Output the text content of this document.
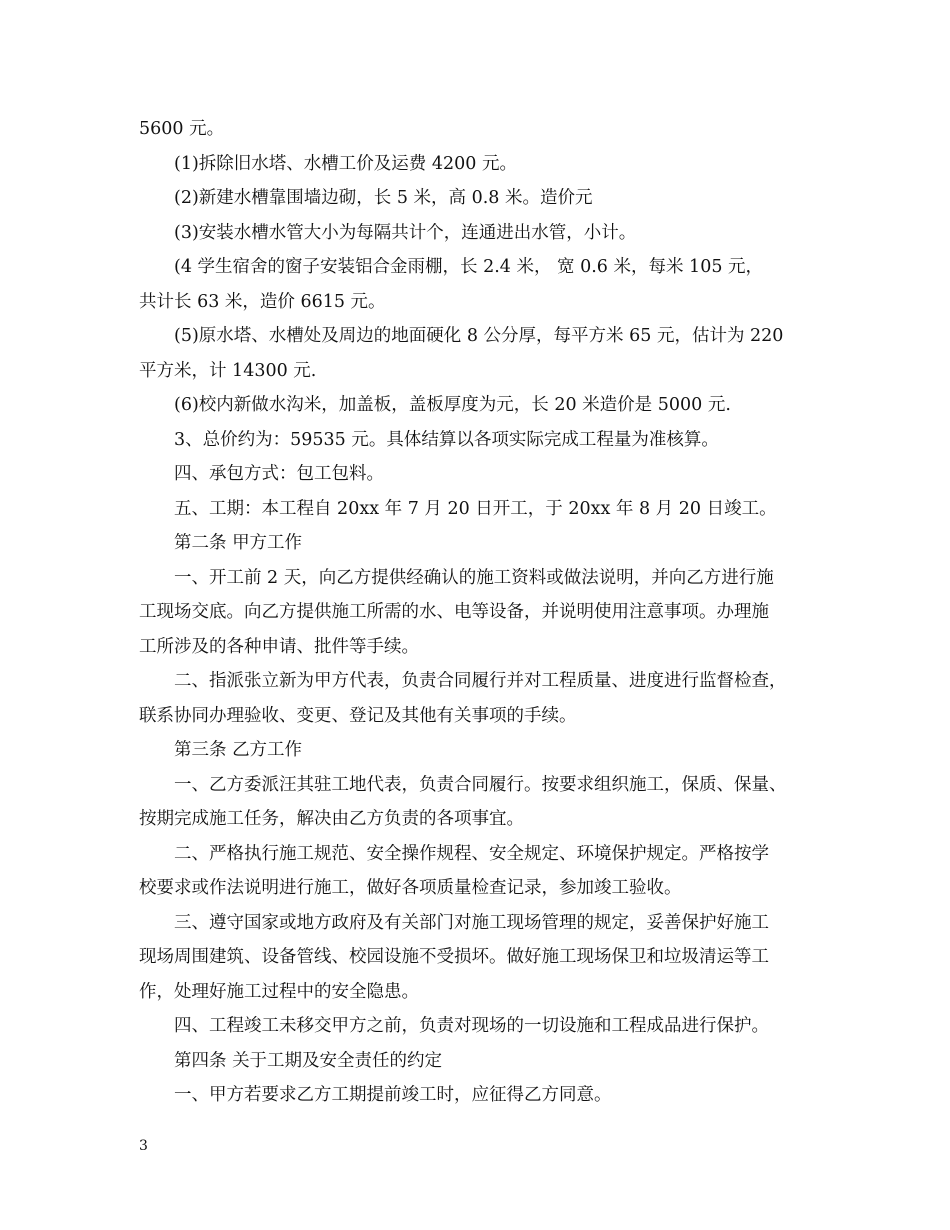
5600 元。
(1)拆除旧水塔、水槽工价及运费 4200 元。
(2)新建水槽靠围墙边砌，长 5 米，高 0.8 米。造价元
(3)安装水槽水管大小为每隔共计个，连通进出水管，小计。
(4 学生宿舍的窗子安装铝合金雨棚，长 2.4 米， 宽 0.6 米，每米 105 元，
共计长 63 米，造价 6615 元。
(5)原水塔、水槽处及周边的地面硬化 8 公分厚，每平方米 65 元，估计为 220
平方米，计 14300 元.
(6)校内新做水沟米，加盖板，盖板厚度为元，长 20 米造价是 5000 元.
3、总价约为：59535 元。具体结算以各项实际完成工程量为准核算。
四、承包方式：包工包料。
五、工期：本工程自 20xx 年 7 月 20 日开工，于 20xx 年 8 月 20 日竣工。
第二条 甲方工作
一、开工前 2 天，向乙方提供经确认的施工资料或做法说明，并向乙方进行施
工现场交底。向乙方提供施工所需的水、电等设备，并说明使用注意事项。办理施
工所涉及的各种申请、批件等手续。
二、指派张立新为甲方代表，负责合同履行并对工程质量、进度进行监督检查，
联系协同办理验收、变更、登记及其他有关事项的手续。
第三条 乙方工作
一、乙方委派汪其驻工地代表，负责合同履行。按要求组织施工，保质、保量、
按期完成施工任务，解决由乙方负责的各项事宜。
二、严格执行施工规范、安全操作规程、安全规定、环境保护规定。严格按学
校要求或作法说明进行施工，做好各项质量检查记录，参加竣工验收。
三、遵守国家或地方政府及有关部门对施工现场管理的规定，妥善保护好施工
现场周围建筑、设备管线、校园设施不受损坏。做好施工现场保卫和垃圾清运等工
作，处理好施工过程中的安全隐患。
四、工程竣工未移交甲方之前，负责对现场的一切设施和工程成品进行保护。
第四条 关于工期及安全责任的约定
一、甲方若要求乙方工期提前竣工时，应征得乙方同意。
3
